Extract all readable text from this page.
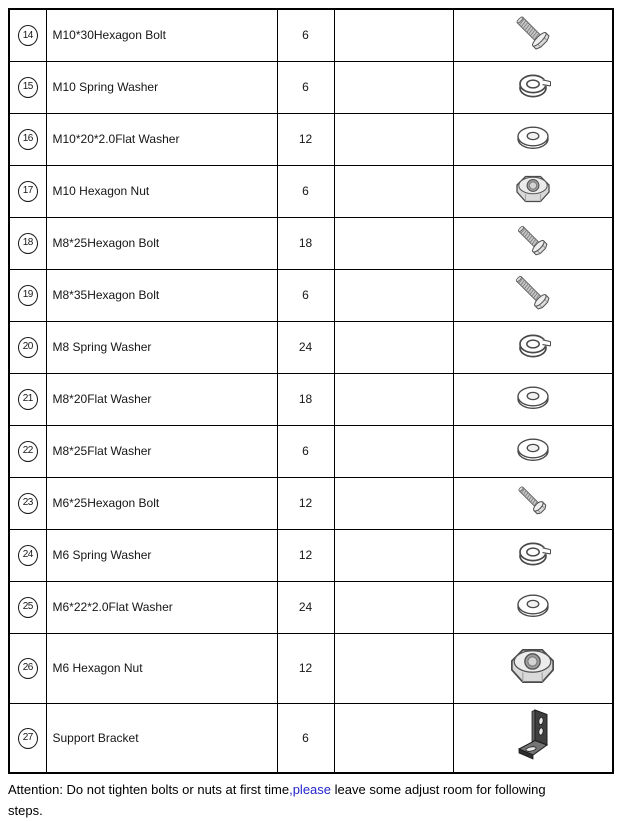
14	M10*30Hexagon Bolt	6		
15	M10 Spring Washer	6		
16	M10*20*2.0Flat Washer	12		
17	M10 Hexagon Nut	6		
18	M8*25Hexagon Bolt	18		
19	M8*35Hexagon Bolt	6		
20	M8 Spring Washer	24		
21	M8*20Flat Washer	18		
22	M8*25Flat Washer	6		
23	M6*25Hexagon Bolt	12		
24	M6 Spring Washer	12		
25	M6*22*2.0Flat Washer	24		
26	M6 Hexagon Nut	12		
27	Support Bracket	6		

Attention: Do not tighten bolts or nuts at first time,please leave some adjust room for following

steps.
